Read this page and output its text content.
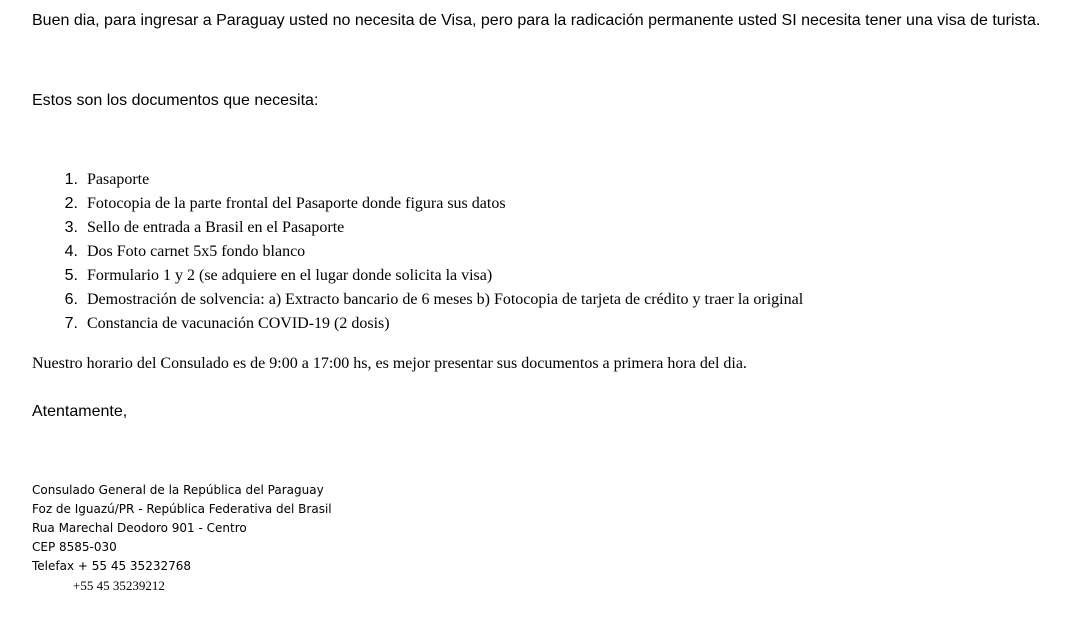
Buen dia, para ingresar a Paraguay usted no necesita de Visa, pero para la radicación permanente usted SI necesita tener una visa de turista.
Estos son los documentos que necesita:
1. Pasaporte
2. Fotocopia de la parte frontal del Pasaporte donde figura sus datos
3. Sello de entrada a Brasil en el Pasaporte
4. Dos Foto carnet 5x5 fondo blanco
5. Formulario 1 y 2 (se adquiere en el lugar donde solicita la visa)
6. Demostración de solvencia: a) Extracto bancario de 6 meses b) Fotocopia de tarjeta de crédito y traer la original
7. Constancia de vacunación COVID-19 (2 dosis)
Nuestro horario del Consulado es de 9:00 a 17:00 hs, es mejor presentar sus documentos a primera hora del dia.
Atentamente,
Consulado General de la República del Paraguay
Foz de Iguazú/PR - República Federativa del Brasil
Rua Marechal Deodoro 901 - Centro
CEP 8585-030
Telefax + 55 45 35232768
+55 45 35239212
